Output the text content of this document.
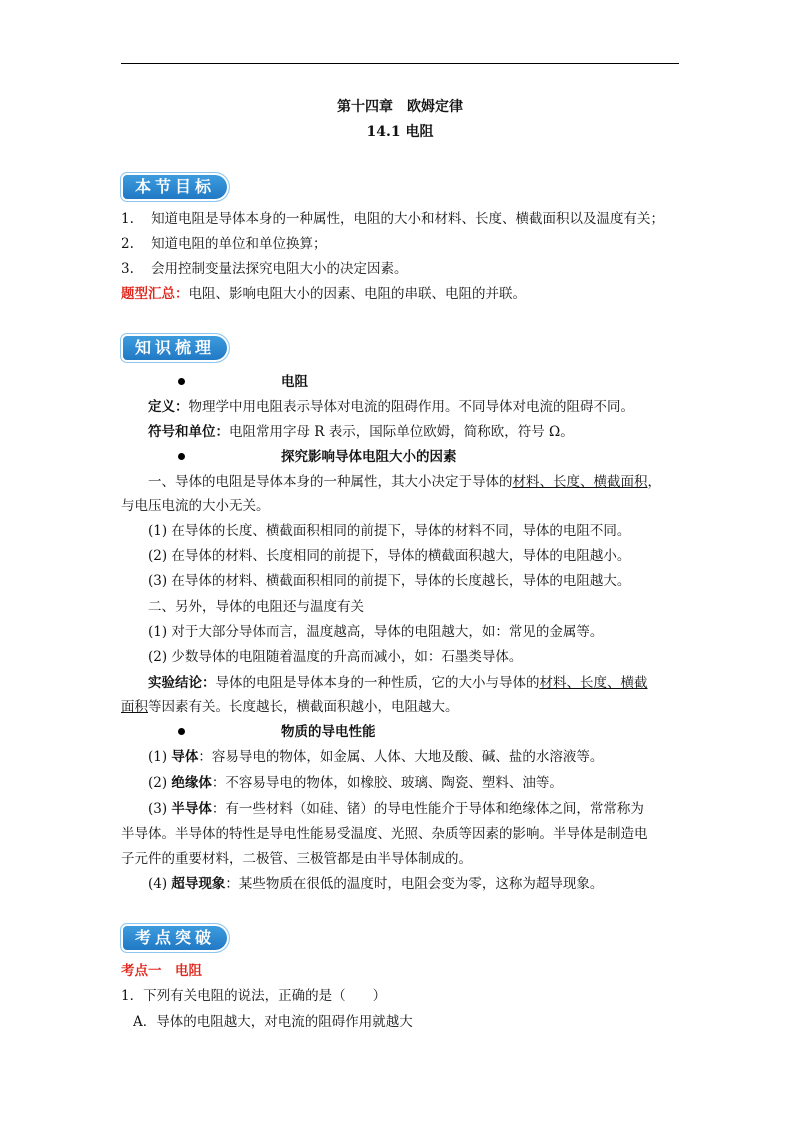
第十四章　欧姆定律
14.1 电阻
本节目标
1. 知道电阻是导体本身的一种属性，电阻的大小和材料、长度、横截面积以及温度有关；
2. 知道电阻的单位和单位换算；
3. 会用控制变量法探究电阻大小的决定因素。
题型汇总：电阻、影响电阻大小的因素、电阻的串联、电阻的并联。
知识梳理
电阻
定义：物理学中用电阻表示导体对电流的阻碍作用。不同导体对电流的阻碍不同。
符号和单位：电阻常用字母 R 表示，国际单位欧姆，简称欧，符号 Ω。
探究影响导体电阻大小的因素
一、导体的电阻是导体本身的一种属性，其大小决定于导体的材料、长度、横截面积，
与电压电流的大小无关。
(1) 在导体的长度、横截面积相同的前提下，导体的材料不同，导体的电阻不同。
(2) 在导体的材料、长度相同的前提下，导体的横截面积越大，导体的电阻越小。
(3) 在导体的材料、横截面积相同的前提下，导体的长度越长，导体的电阻越大。
二、另外，导体的电阻还与温度有关
(1) 对于大部分导体而言，温度越高，导体的电阻越大，如：常见的金属等。
(2) 少数导体的电阻随着温度的升高而减小，如：石墨类导体。
实验结论：导体的电阻是导体本身的一种性质，它的大小与导体的材料、长度、横截
面积等因素有关。长度越长，横截面积越小，电阻越大。
物质的导电性能
(1) 导体：容易导电的物体，如金属、人体、大地及酸、碱、盐的水溶液等。
(2) 绝缘体：不容易导电的物体，如橡胶、玻璃、陶瓷、塑料、油等。
(3) 半导体：有一些材料（如硅、锗）的导电性能介于导体和绝缘体之间，常常称为
半导体。半导体的特性是导电性能易受温度、光照、杂质等因素的影响。半导体是制造电
子元件的重要材料，二极管、三极管都是由半导体制成的。
(4) 超导现象：某些物质在很低的温度时，电阻会变为零，这称为超导现象。
考点突破
考点一　电阻
1．下列有关电阻的说法，正确的是（　　）
A．导体的电阻越大，对电流的阻碍作用就越大
